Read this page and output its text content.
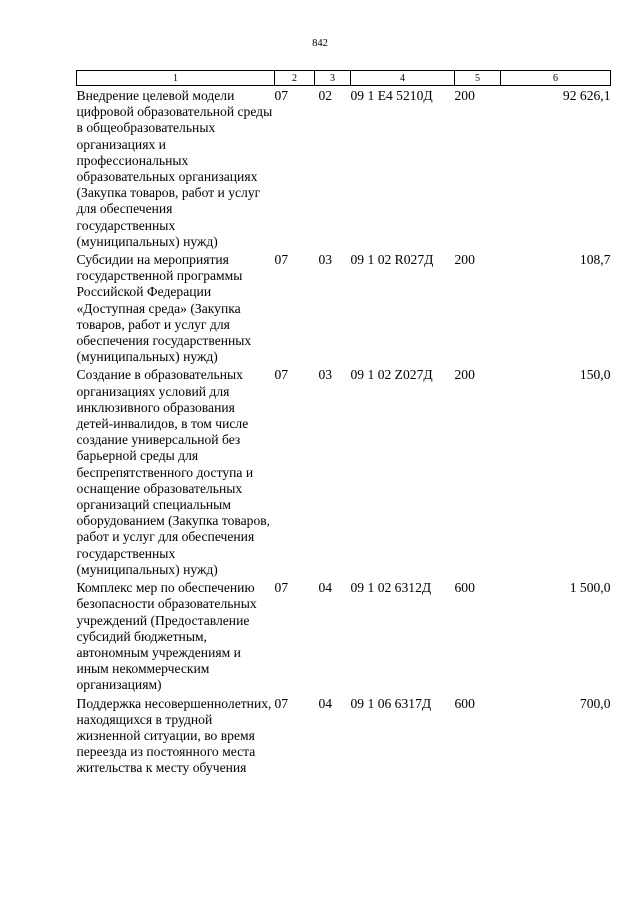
842
1	2	3	4	5	6
Внедрение целевой модели цифровой образовательной среды в общеобразовательных организациях и профессиональных образовательных организациях (Закупка товаров, работ и услуг для обеспечения государственных (муниципальных) нужд)	07	02	09 1 Е4 5210Д	200	92 626,1
Субсидии на мероприятия государственной программы Российской Федерации «Доступная среда» (Закупка товаров, работ и услуг для обеспечения государственных (муниципальных) нужд)	07	03	09 1 02 R027Д	200	108,7
Создание в образовательных организациях условий для инклюзивного образования детей-инвалидов, в том числе создание универсальной без барьерной среды для беспрепятственного доступа и оснащение образовательных организаций специальным оборудованием (Закупка товаров, работ и услуг для обеспечения государственных (муниципальных) нужд)	07	03	09 1 02 Z027Д	200	150,0
Комплекс мер по обеспечению безопасности образовательных учреждений (Предоставление субсидий бюджетным, автономным учреждениям и иным некоммерческим организациям)	07	04	09 1 02 6312Д	600	1 500,0
Поддержка несовершеннолетних, находящихся в трудной жизненной ситуации, во время переезда из постоянного места жительства к месту обучения	07	04	09 1 06 6317Д	600	700,0
